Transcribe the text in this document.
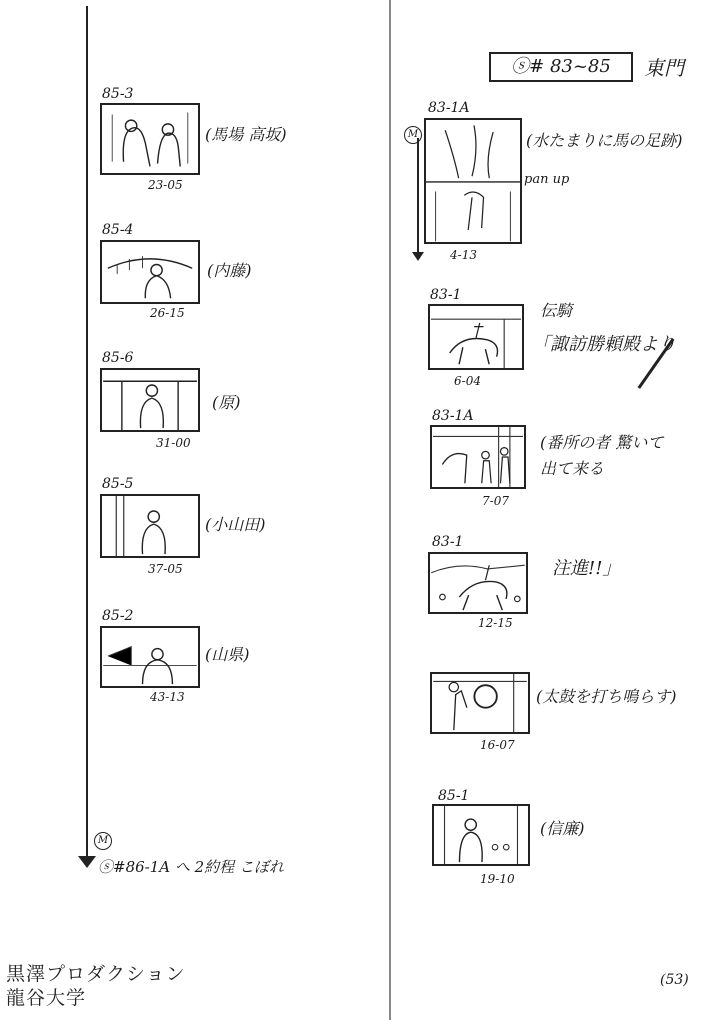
ⓢ# 83~85	東門
85-3
(馬場 高坂)
23-05
85-4
(内藤)
26-15
85-6
(原)
31-00
85-5
(小山田)
37-05
85-2
(山県)
43-13
M
ⓢ#86-1A へ 2約程 こぼれ
83-1A
M	(水たまりに馬の足跡)
pan up
4-13
83-1
伝騎
「諏訪勝頼殿より
6-04
83-1A
(番所の者 驚いて
出て来る
7-07
83-1
注進!!」
12-15
(太鼓を打ち鳴らす)
16-07
85-1
(信廉)
19-10
黒澤プロダクション
龍谷大学
(53)
